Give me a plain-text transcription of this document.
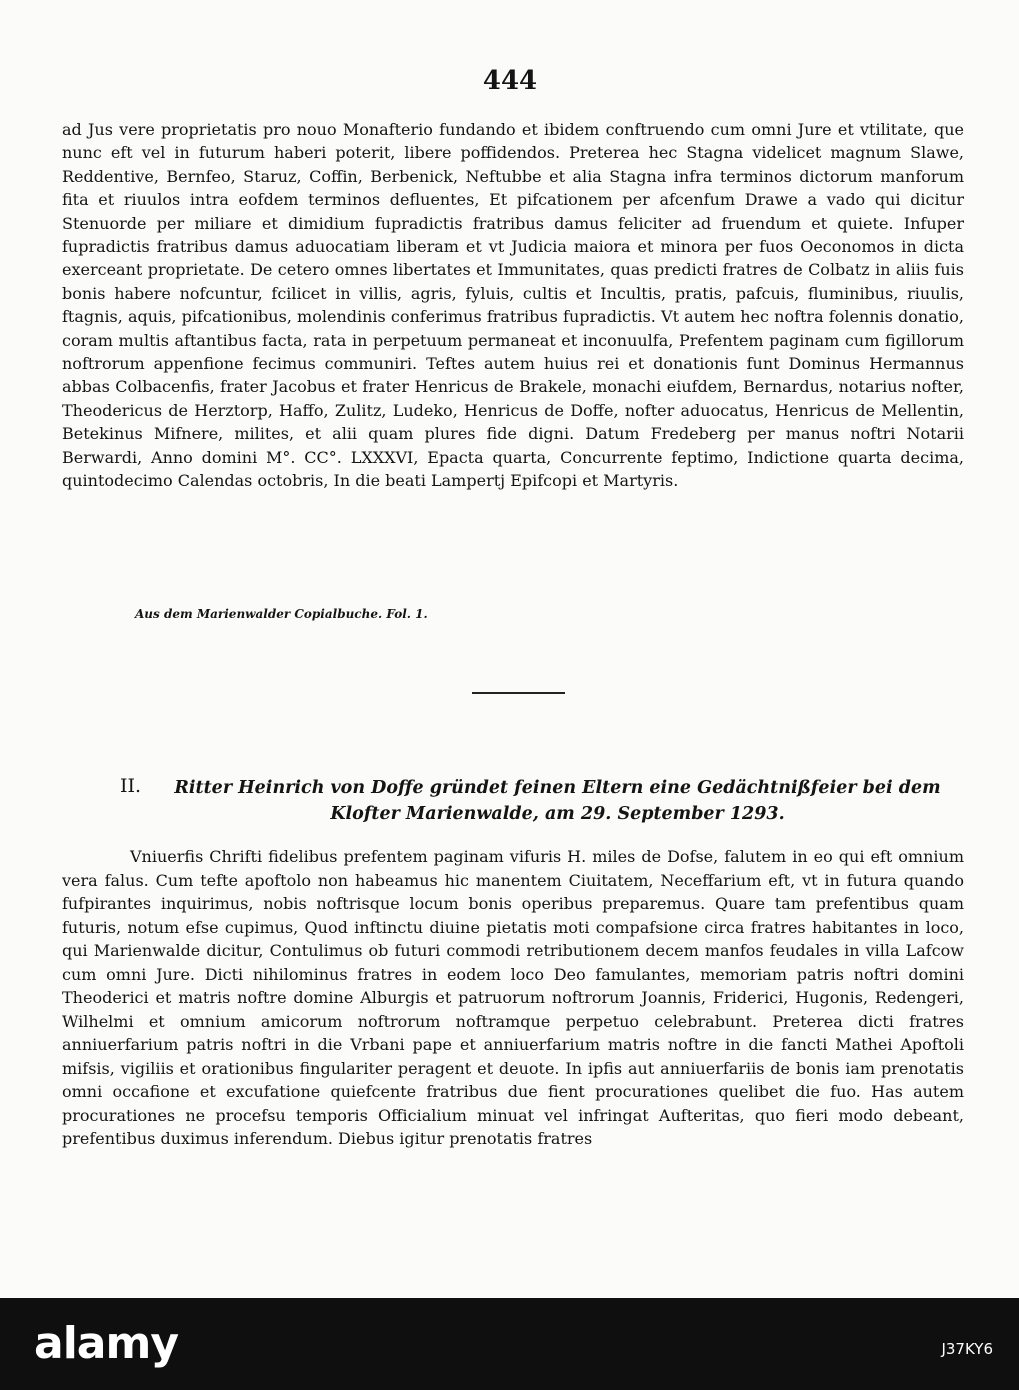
444
ad Jus vere proprietatis pro nouo Monafterio fundando et ibidem conftruendo cum omni Jure et vtilitate, que nunc eft vel in futurum haberi poterit, libere poffidendos. Preterea hec Stagna videlicet magnum Slawe, Reddentive, Bernfeo, Staruz, Coffin, Berbenick, Neftubbe et alia Stagna infra terminos dictorum manforum fita et riuulos intra eofdem terminos defluentes, Et pifcationem per afcenfum Drawe a vado qui dicitur Stenuorde per miliare et dimidium fupradictis fratribus damus feliciter ad fruendum et quiete. Infuper fupradictis fratribus damus aduocatiam liberam et vt Judicia maiora et minora per fuos Oeconomos in dicta exerceant proprietate. De cetero omnes libertates et Immunitates, quas predicti fratres de Colbatz in aliis fuis bonis habere nofcuntur, fcilicet in villis, agris, fyluis, cultis et Incultis, pratis, pafcuis, fluminibus, riuulis, ftagnis, aquis, pifcationibus, molendinis conferimus fratribus fupradictis. Vt autem hec noftra folennis donatio, coram multis aftantibus facta, rata in perpetuum permaneat et inconuulfa, Prefentem paginam cum figillorum noftrorum appenfione fecimus communiri. Teftes autem huius rei et donationis funt Dominus Hermannus abbas Colbacenfis, frater Jacobus et frater Henricus de Brakele, monachi eiufdem, Bernardus, notarius nofter, Theodericus de Herztorp, Haffo, Zulitz, Ludeko, Henricus de Doffe, nofter aduocatus, Henricus de Mellentin, Betekinus Mifnere, milites, et alii quam plures fide digni. Datum Fredeberg per manus noftri Notarii Berwardi, Anno domini M°. CC°. LXXXVI, Epacta quarta, Concurrente feptimo, Indictione quarta decima, quintodecimo Calendas octobris, In die beati Lampertj Epifcopi et Martyris.
Aus dem Marienwalder Copialbuche. Fol. 1.
II.	Ritter Heinrich von Doffe gründet feinen Eltern eine Gedächtnißfeier bei dem Klofter Marienwalde, am 29. September 1293.
Vniuerfis Chrifti fidelibus prefentem paginam vifuris H. miles de Dofse, falutem in eo qui eft omnium vera falus. Cum tefte apoftolo non habeamus hic manentem Ciuitatem, Neceffarium eft, vt in futura quando fufpirantes inquirimus, nobis noftrisque locum bonis operibus preparemus. Quare tam prefentibus quam futuris, notum efse cupimus, Quod inftinctu diuine pietatis moti compafsione circa fratres habitantes in loco, qui Marienwalde dicitur, Contulimus ob futuri commodi retributionem decem manfos feudales in villa Lafcow cum omni Jure. Dicti nihilominus fratres in eodem loco Deo famulantes, memoriam patris noftri domini Theoderici et matris noftre domine Alburgis et patruorum noftrorum Joannis, Friderici, Hugonis, Redengeri, Wilhelmi et omnium amicorum noftrorum noftramque perpetuo celebrabunt. Preterea dicti fratres anniuerfarium patris noftri in die Vrbani pape et anniuerfarium matris noftre in die fancti Mathei Apoftoli mifsis, vigiliis et orationibus fingulariter peragent et deuote. In ipfis aut anniuerfariis de bonis iam prenotatis omni occafione et excufatione quiefcente fratribus due fient procurationes quelibet die fuo. Has autem procurationes ne procefsu temporis Officialium minuat vel infringat Aufteritas, quo fieri modo debeant, prefentibus duximus inferendum. Diebus igitur prenotatis fratres
alamy	J37KY6
